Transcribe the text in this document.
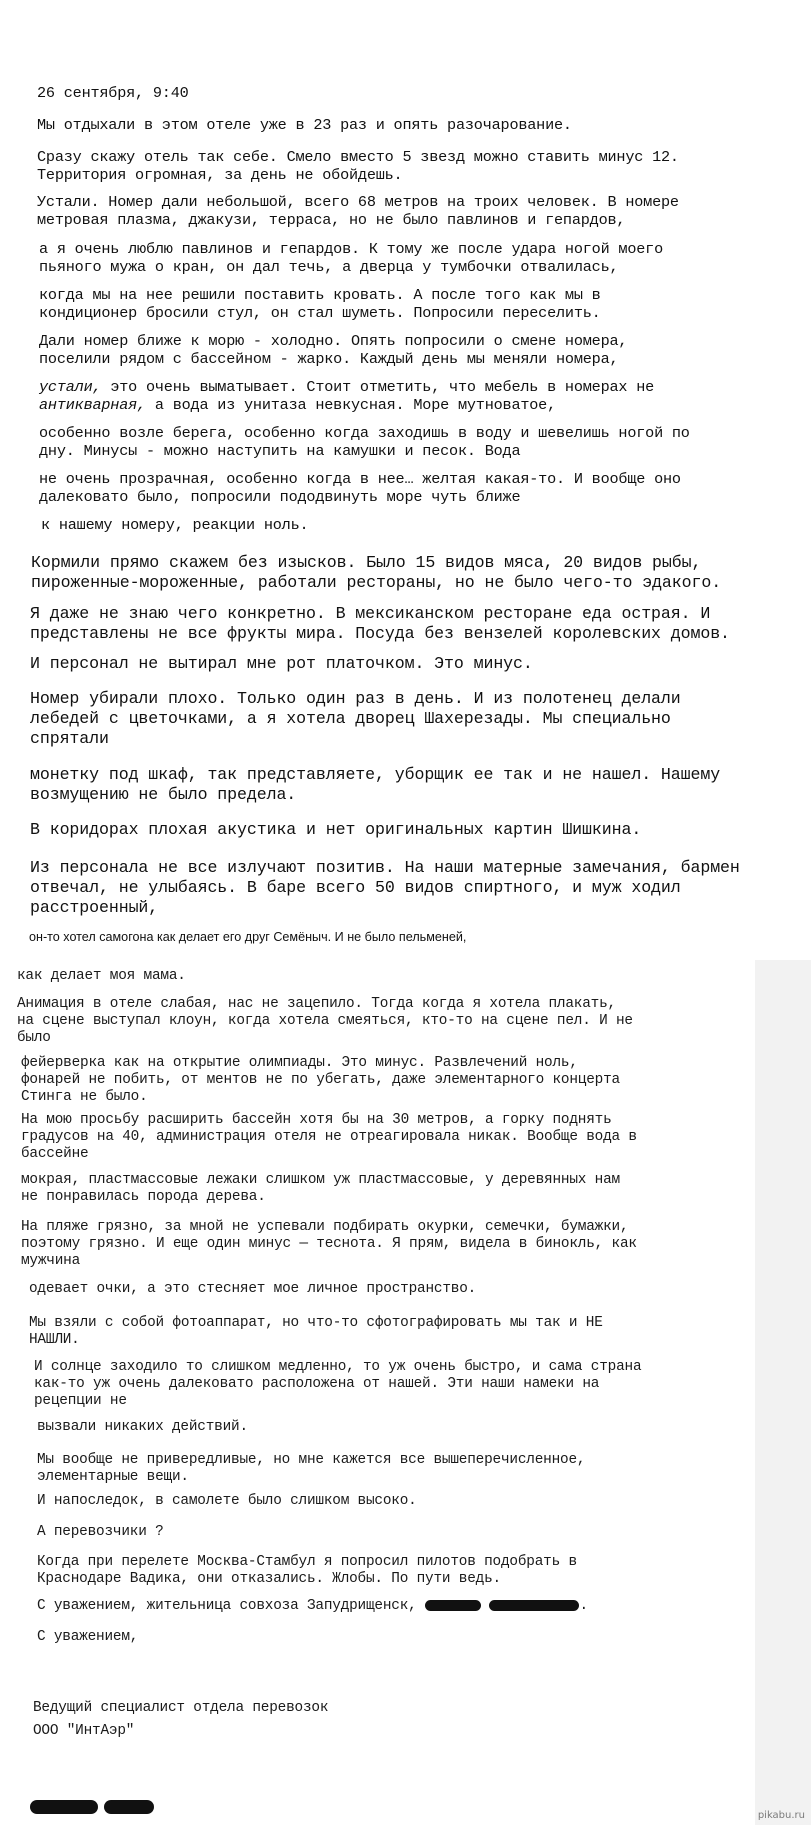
26 сентября, 9:40

Мы отдыхали в этом отеле уже в 23 раз и опять разочарование.

Сразу скажу отель так себе. Смело вместо 5 звезд можно ставить минус 12.
Территория огромная, за день не обойдешь.

Устали. Номер дали небольшой, всего 68 метров на троих человек. В номере
метровая плазма, джакузи, терраса, но не было павлинов и гепардов,

а я очень люблю павлинов и гепардов. К тому же после удара ногой моего
пьяного мужа о кран, он дал течь, а дверца у тумбочки отвалилась,

когда мы на нее решили поставить кровать. А после того как мы в
кондиционер бросили стул, он стал шуметь. Попросили переселить.

Дали номер ближе к морю - холодно. Опять попросили о смене номера,
поселили рядом с бассейном - жарко. Каждый день мы меняли номера,

устали, это очень выматывает. Стоит отметить, что мебель в номерах не
антикварная, а вода из унитаза невкусная. Море мутноватое,

особенно возле берега, особенно когда заходишь в воду и шевелишь ногой по
дну. Минусы - можно наступить на камушки и песок. Вода

не очень прозрачная, особенно когда в нее… желтая какая-то. И вообще оно
далековато было, попросили пододвинуть море чуть ближе

к нашему номеру, реакции ноль.

Кормили прямо скажем без изысков. Было 15 видов мяса, 20 видов рыбы,
пироженные-мороженные, работали рестораны, но не было чего-то эдакого.

Я даже не знаю чего конкретно. В мексиканском ресторане еда острая. И
представлены не все фрукты мира. Посуда без вензелей королевских домов.

И персонал не вытирал мне рот платочком. Это минус.

Номер убирали плохо. Только один раз в день. И из полотенец делали
лебедей с цветочками, а я хотела дворец Шахерезады. Мы специально
спрятали

монетку под шкаф, так представляете, уборщик ее так и не нашел. Нашему
возмущению не было предела.

В коридорах плохая акустика и нет оригинальных картин Шишкина.

Из персонала не все излучают позитив. На наши матерные замечания, бармен
отвечал, не улыбаясь. В баре всего 50 видов спиртного, и муж ходил
расстроенный,

он-то хотел самогона как делает его друг Семёныч. И не было пельменей,

как делает моя мама.

Анимация в отеле слабая, нас не зацепило. Тогда когда я хотела плакать,
на сцене выступал клоун, когда хотела смеяться, кто-то на сцене пел. И не
было

фейерверка как на открытие олимпиады. Это минус. Развлечений ноль,
фонарей не побить, от ментов не по убегать, даже элементарного концерта
Стинга не было.

На мою просьбу расширить бассейн хотя бы на 30 метров, а горку поднять
градусов на 40, администрация отеля не отреагировала никак. Вообще вода в
бассейне

мокрая, пластмассовые лежаки слишком уж пластмассовые, у деревянных нам
не понравилась порода дерева.

На пляже грязно, за мной не успевали подбирать окурки, семечки, бумажки,
поэтому грязно. И еще один минус — теснота. Я прям, видела в бинокль, как
мужчина

одевает очки, а это стесняет мое личное пространство.

Мы взяли с собой фотоаппарат, но что-то сфотографировать мы так и НЕ
НАШЛИ.

И солнце заходило то слишком медленно, то уж очень быстро, и сама страна
как-то уж очень далековато расположена от нашей. Эти наши намеки на
рецепции не

вызвали никаких действий.

Мы вообще не привередливые, но мне кажется все вышеперечисленное,
элементарные вещи.

И напоследок, в самолете было слишком высоко.

А перевозчики ?

Когда при перелете Москва-Стамбул я попросил пилотов подобрать в
Краснодаре Вадика, они отказались. Жлобы. По пути ведь.

С уважением, жительница совхоза Запудрищенск,	.

С уважением,

Ведущий специалист отдела перевозок

ООО "ИнтАэр"

pikabu.ru
